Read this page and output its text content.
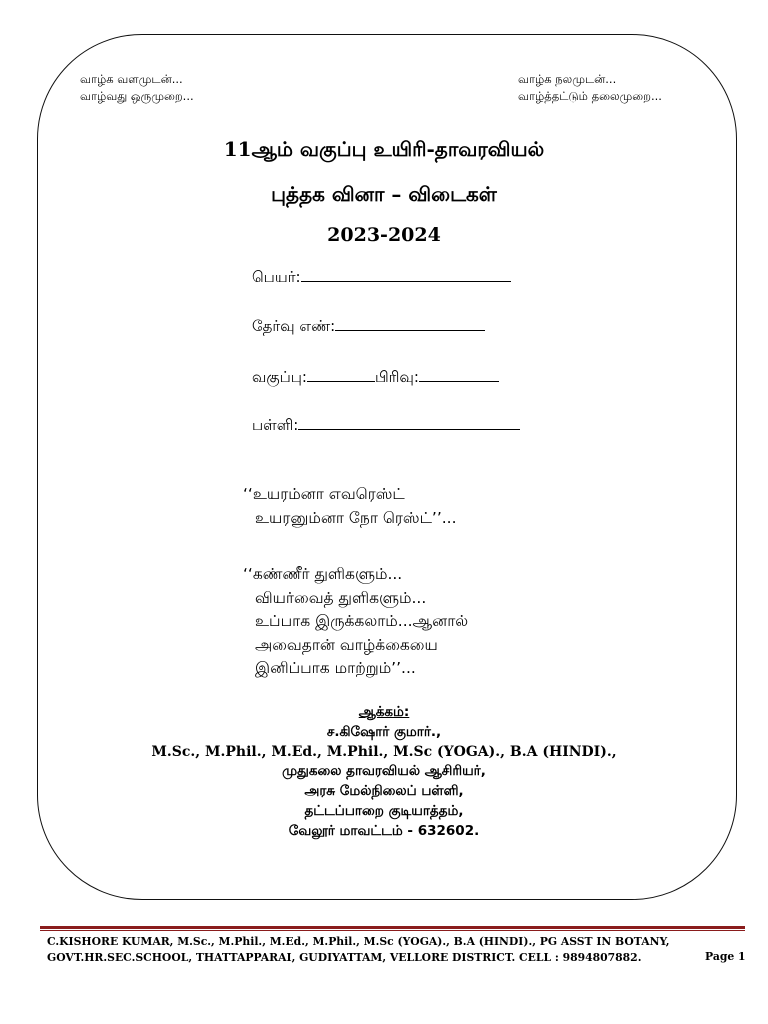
வாழ்க வளமுடன்...
வாழ்வது ஒருமுறை...
வாழ்க நலமுடன்...
வாழ்த்தட்டும் தலைமுறை...
11ஆம் வகுப்பு உயிரி-தாவரவியல்
புத்தக வினா – விடைகள்
2023-2024
பெயர்:
தேர்வு எண்:
வகுப்பு:	பிரிவு:
பள்ளி:
‘‘உயரம்னா எவரெஸ்ட்
உயரனும்னா நோ ரெஸ்ட்’’...
‘‘கண்ணீர் துளிகளும்...
வியர்வைத் துளிகளும்...
உப்பாக இருக்கலாம்...ஆனால்
அவைதான் வாழ்க்கையை
இனிப்பாக மாற்றும்’’...
ஆக்கம்:
ச.கிஷோர் குமார்.,
M.Sc., M.Phil., M.Ed., M.Phil., M.Sc (YOGA)., B.A (HINDI).,
முதுகலை தாவரவியல் ஆசிரியர்,
அரசு மேல்நிலைப் பள்ளி,
தட்டப்பாறை குடியாத்தம்,
வேலூர் மாவட்டம் - 632602.
C.KISHORE KUMAR, M.Sc., M.Phil., M.Ed., M.Phil., M.Sc (YOGA)., B.A (HINDI)., PG ASST IN BOTANY,
GOVT.HR.SEC.SCHOOL, THATTAPPARAI, GUDIYATTAM, VELLORE DISTRICT. CELL : 9894807882.	Page 1
